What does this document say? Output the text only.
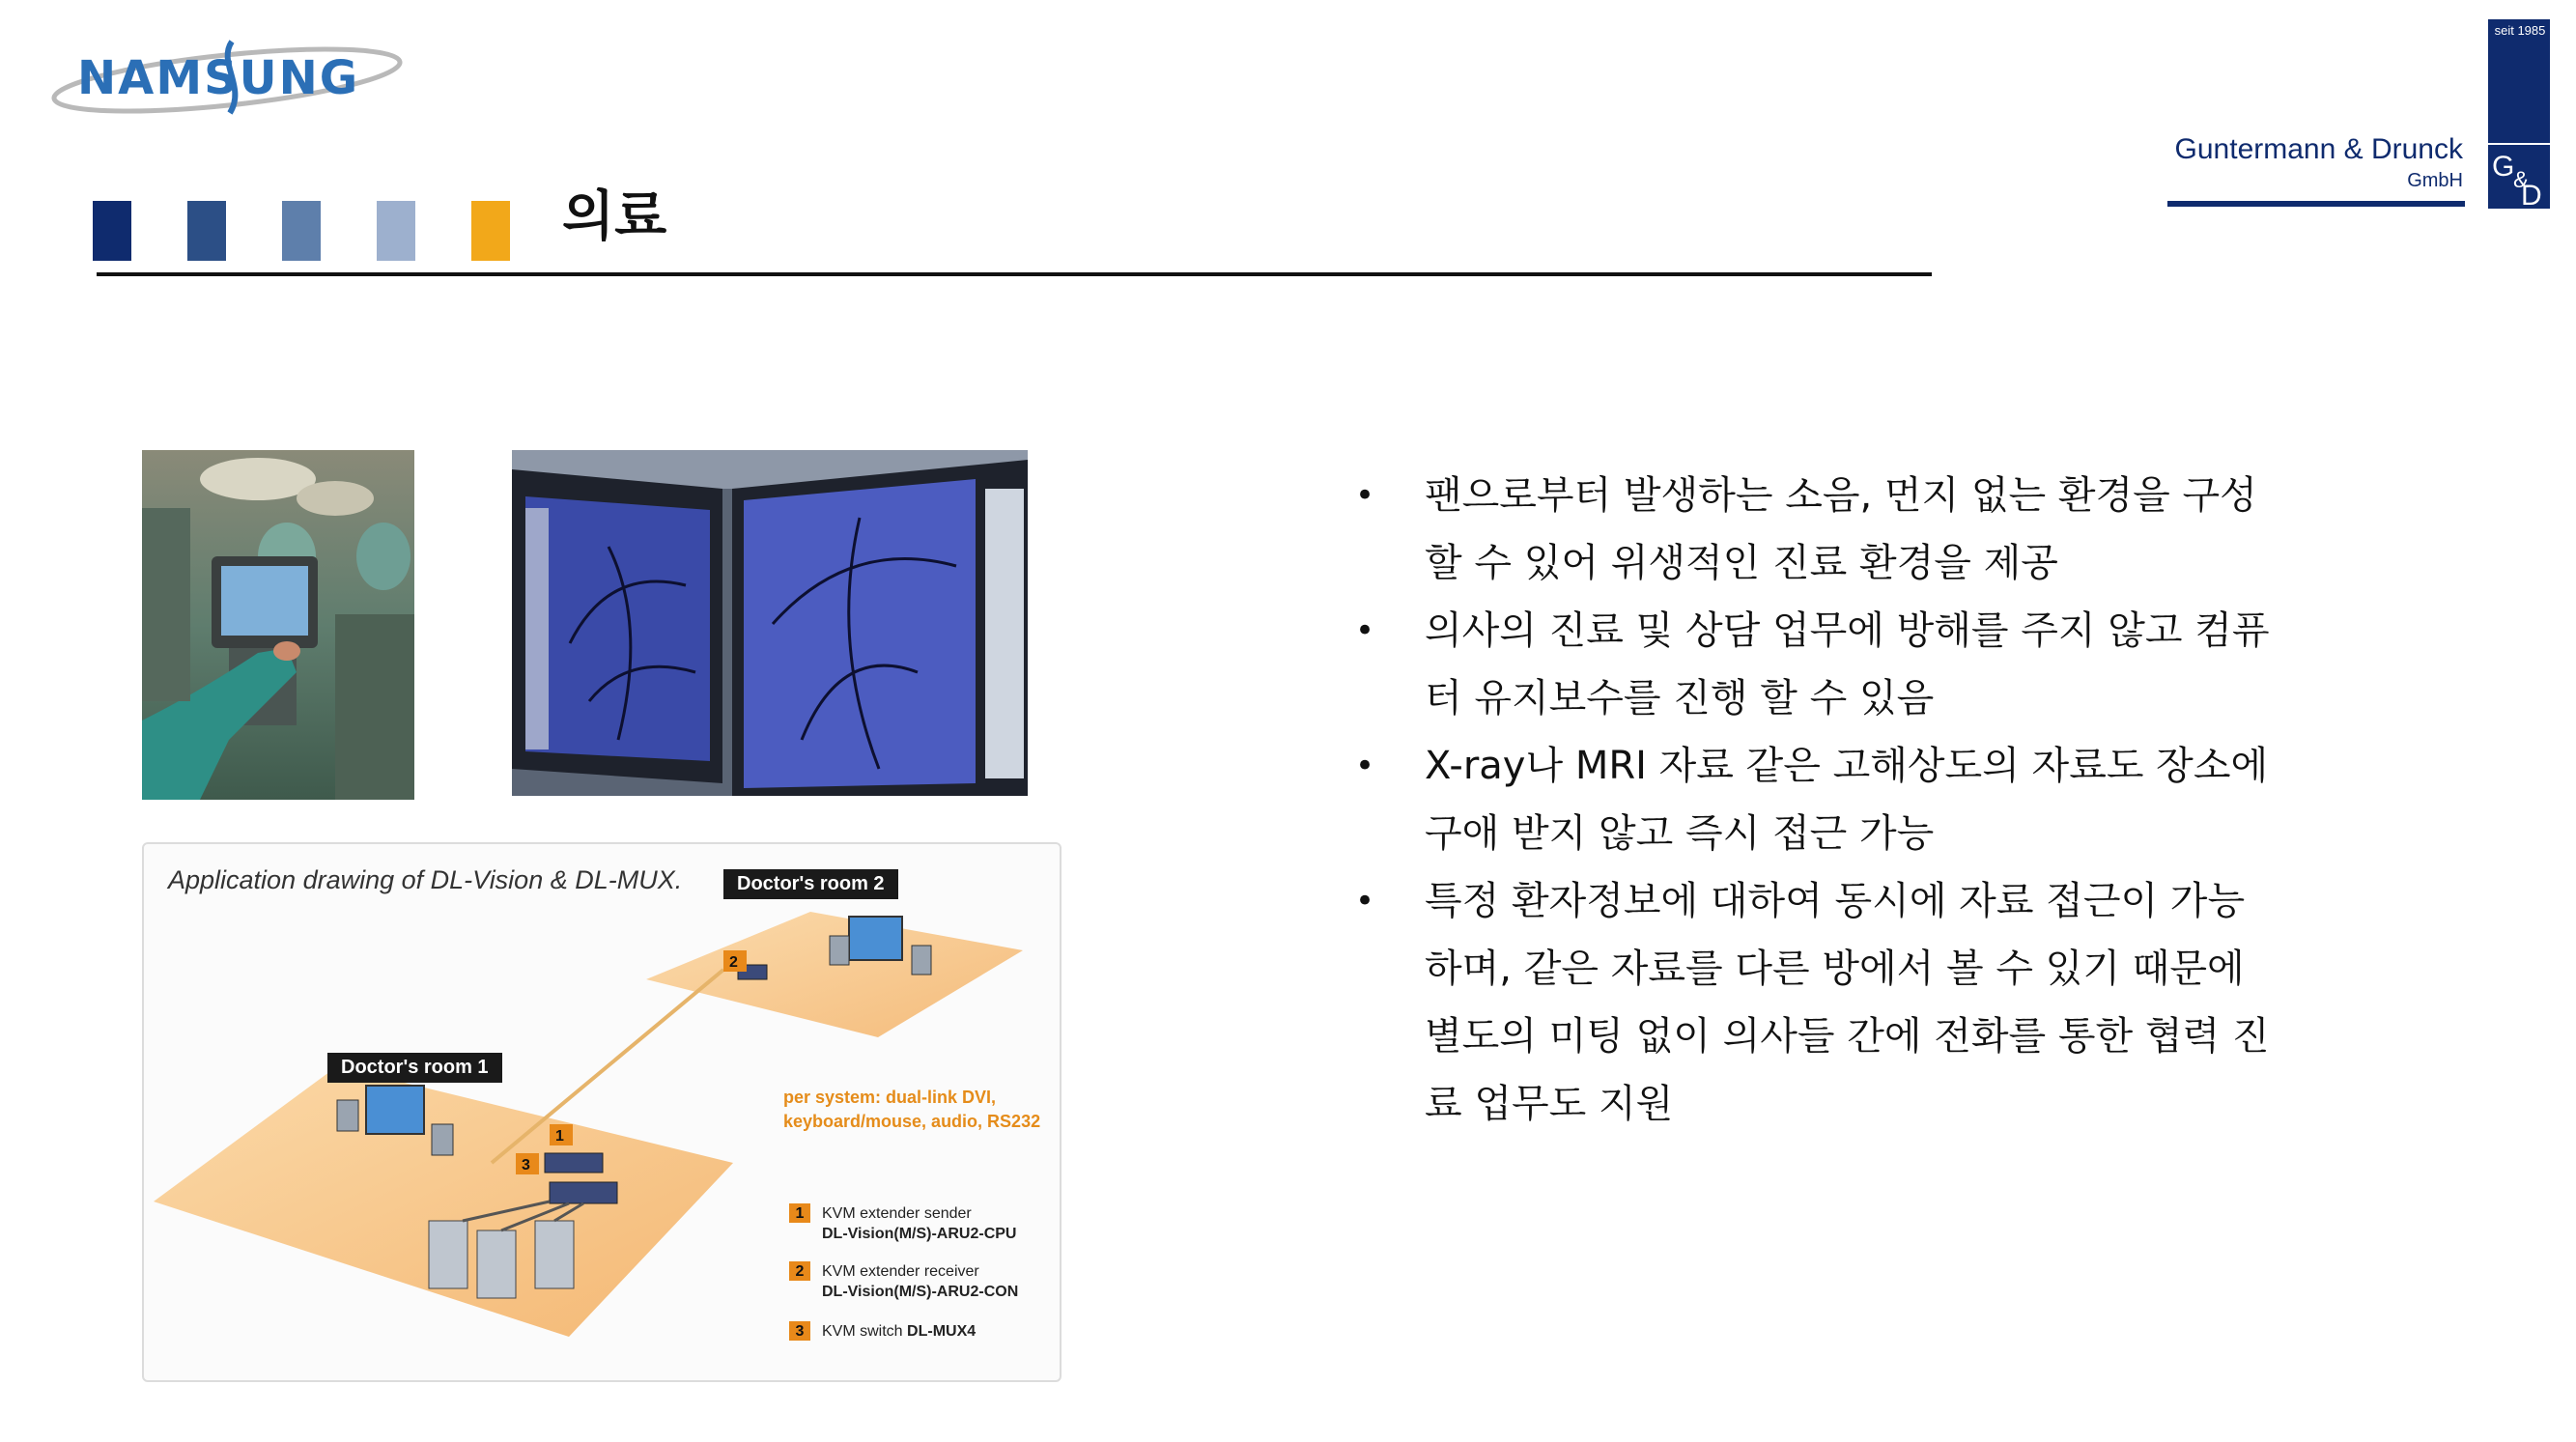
NAMSUNG
의료
seit 1985
G
&
D
Guntermann & Drunck
GmbH
Application drawing of DL-Vision & DL-MUX.
2
1
3
Doctor's room 2
Doctor's room 1
per system: dual-link DVI, keyboard/mouse, audio, RS232
1 KVM extender sender
DL-Vision(M/S)-ARU2-CPU
2 KVM extender receiver
DL-Vision(M/S)-ARU2-CON
3 KVM switch DL-MUX4
• 팬으로부터 발생하는 소음, 먼지 없는 환경을 구성할 수 있어 위생적인 진료 환경을 제공
• 의사의 진료 및 상담 업무에 방해를 주지 않고 컴퓨터 유지보수를 진행 할 수 있음
• X-ray나 MRI 자료 같은 고해상도의 자료도 장소에 구애 받지 않고 즉시 접근 가능
• 특정 환자정보에 대하여 동시에 자료 접근이 가능하며, 같은 자료를 다른 방에서 볼 수 있기 때문에 별도의 미팅 없이 의사들 간에 전화를 통한 협력 진료 업무도 지원
